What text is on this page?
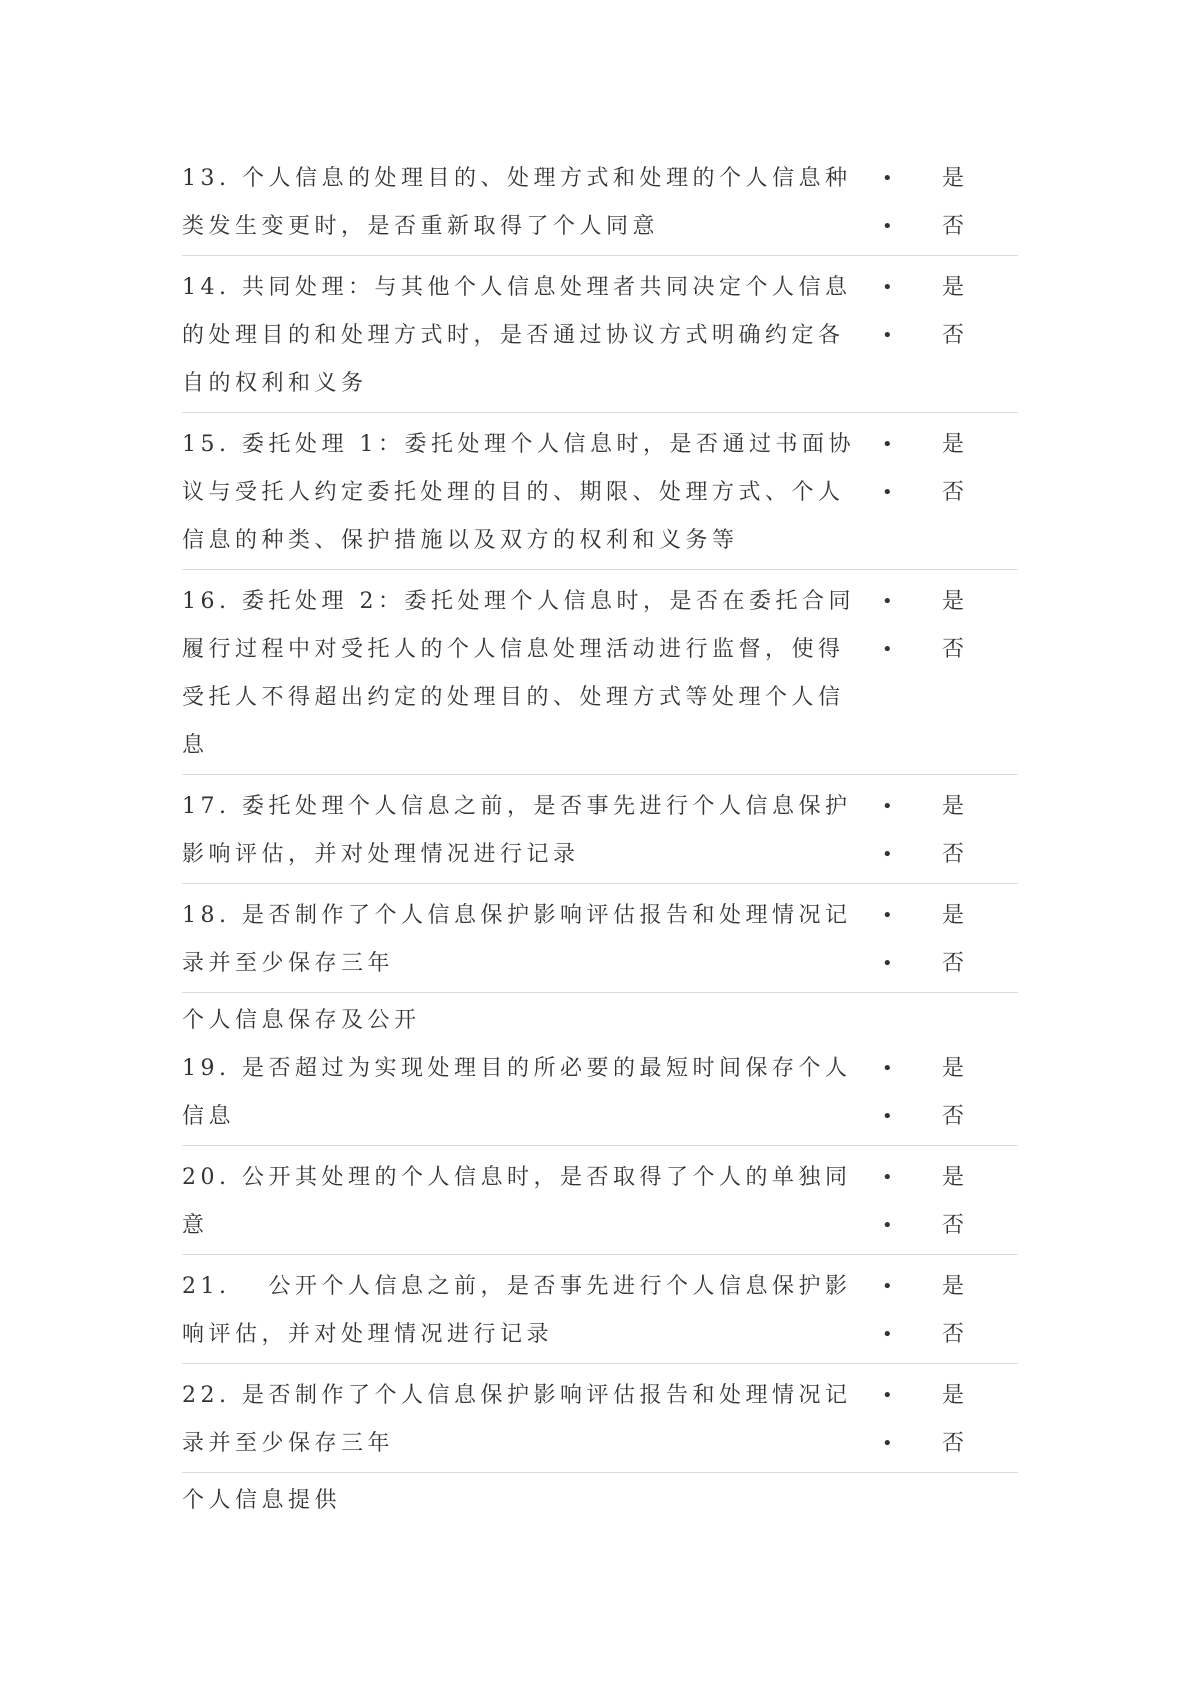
13. 个人信息的处理目的、处理方式和处理的个人信息种类发生变更时，是否重新取得了个人同意
• 是
• 否
14. 共同处理：与其他个人信息处理者共同决定个人信息的处理目的和处理方式时，是否通过协议方式明确约定各自的权利和义务
• 是
• 否
15. 委托处理 1：委托处理个人信息时，是否通过书面协议与受托人约定委托处理的目的、期限、处理方式、个人信息的种类、保护措施以及双方的权利和义务等
• 是
• 否
16. 委托处理 2：委托处理个人信息时，是否在委托合同履行过程中对受托人的个人信息处理活动进行监督，使得受托人不得超出约定的处理目的、处理方式等处理个人信息
• 是
• 否
17. 委托处理个人信息之前，是否事先进行个人信息保护影响评估，并对处理情况进行记录
• 是
• 否
18. 是否制作了个人信息保护影响评估报告和处理情况记录并至少保存三年
• 是
• 否
个人信息保存及公开
19. 是否超过为实现处理目的所必要的最短时间保存个人信息
• 是
• 否
20. 公开其处理的个人信息时，是否取得了个人的单独同意
• 是
• 否
21.　 公开个人信息之前，是否事先进行个人信息保护影响评估，并对处理情况进行记录
• 是
• 否
22. 是否制作了个人信息保护影响评估报告和处理情况记录并至少保存三年
• 是
• 否
个人信息提供
